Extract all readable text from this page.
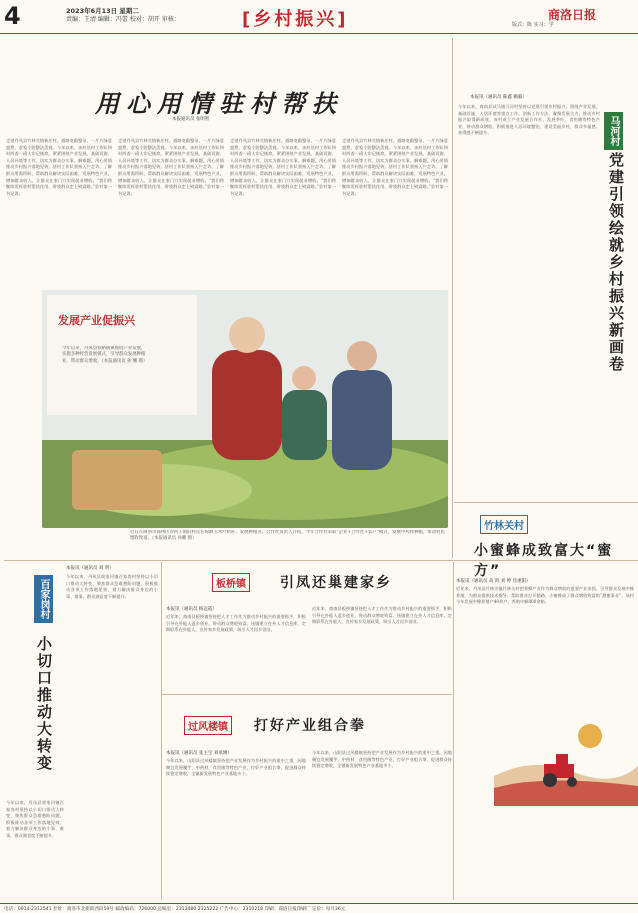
4	2023年6月13日 星期二
责编：王清 编辑：冯蕾 校对：胡开 审核：	[乡村振兴]	商洛日报
版式：陈 实习：学
用心用情驻村帮扶
本报通讯员 张明智
走进丹凤县竹林关镇新庄村，道路宽敞整洁，一片片绿意盎然，农家小院整洁美观。今年以来，该村驻村工作队和村两委一班人牢记使命，紧紧围绕产业发展、基础设施、人居环境等工作，切实为群众办实事、解难题，用心用情推动乡村振兴落地见效。驻村工作队坚持入户走访，了解群众所需所盼，帮助群众解决实际困难，发展特色产业，增加群众收入，让群众在家门口实现就业增收。“我们将继续发挥驻村帮扶作用，带领群众走上致富路。”驻村第一书记说。
走进丹凤县竹林关镇新庄村，道路宽敞整洁，一片片绿意盎然，农家小院整洁美观。今年以来，该村驻村工作队和村两委一班人牢记使命，紧紧围绕产业发展、基础设施、人居环境等工作，切实为群众办实事、解难题，用心用情推动乡村振兴落地见效。驻村工作队坚持入户走访，了解群众所需所盼，帮助群众解决实际困难，发展特色产业，增加群众收入，让群众在家门口实现就业增收。“我们将继续发挥驻村帮扶作用，带领群众走上致富路。”驻村第一书记说。
走进丹凤县竹林关镇新庄村，道路宽敞整洁，一片片绿意盎然，农家小院整洁美观。今年以来，该村驻村工作队和村两委一班人牢记使命，紧紧围绕产业发展、基础设施、人居环境等工作，切实为群众办实事、解难题，用心用情推动乡村振兴落地见效。驻村工作队坚持入户走访，了解群众所需所盼，帮助群众解决实际困难，发展特色产业，增加群众收入，让群众在家门口实现就业增收。“我们将继续发挥驻村帮扶作用，带领群众走上致富路。”驻村第一书记说。
走进丹凤县竹林关镇新庄村，道路宽敞整洁，一片片绿意盎然，农家小院整洁美观。今年以来，该村驻村工作队和村两委一班人牢记使命，紧紧围绕产业发展、基础设施、人居环境等工作，切实为群众办实事、解难题，用心用情推动乡村振兴落地见效。驻村工作队坚持入户走访，了解群众所需所盼，帮助群众解决实际困难，发展特色产业，增加群众收入，让群众在家门口实现就业增收。“我们将继续发挥驻村帮扶作用，带领群众走上致富路。”驻村第一书记说。
发展产业促振兴
今年以来，丹凤县铁峪铺镇围绕产业发展，实施多种经营发展模式，引导群众发展种植业，带动群众增收。（本报通讯员 孙 鹏 摄）
近日在商洛市商州区沙河子镇的村民在晾晒玉米叶秸秆、发展种植业。合作社负责人介绍，今年合作社采取“企业+合作社+农户”模式，发展中药材种植，带动村民增收致富。（本报通讯员 孙鹏 摄）
马河村
党建引领绘就乡村振兴新画卷
本报讯（通讯员 陈鑫 赖毅）
今年以来，商南县试马镇马河村坚持以党建引领乡村振兴，围绕产业发展、基础设施、人居环境等重点工作，创新工作方法，凝聚发展合力，推动乡村振兴取得新成效。该村成立产业发展合作社，发展茶叶、食用菌等特色产业，带动群众增收。积极推进人居环境整治，建设美丽乡村，群众幸福感、获得感不断提升。
竹林关村
小蜜蜂成致富大“蜜方”
本报讯（通讯员 高 鸿 刘 婷 焦重阳）
近年来，丹凤县竹林关镇竹林关村把养蜂产业作为群众增收的重要产业来抓，引导群众发展中蜂养殖，为群众提供技术指导，帮助群众打开销路，小蜜蜂成了群众增收致富的“甜蜜事业”。该村今年发展中蜂养殖户40余户，养殖中蜂800余箱。
百家岗村
小切口推动大转变
本报讯（通讯员 刘 明）
今年以来，丹凤县庾家河镇百家岗村坚持以小切口推动大转变，聚焦群众急难愁盼问题，积极推动各项工作落地见效，着力解决群众身边的小事、难事，群众满意度不断提升。
今年以来，丹凤县庾家河镇百家岗村坚持以小切口推动大转变，聚焦群众急难愁盼问题，积极推动各项工作落地见效，着力解决群众身边的小事、难事，群众满意度不断提升。
板桥镇 引凤还巢建家乡
本报讯（通讯员 杨远霞）
近年来，商南县板桥镇坚持把人才工作作为推动乡村振兴的重要抓手，积极引导在外能人返乡创业，带动群众增收致富。该镇建立在外人才信息库，定期联系在外能人，宣传家乡发展政策，吸引人才回乡创业。
近年来，商南县板桥镇坚持把人才工作作为推动乡村振兴的重要抓手，积极引导在外能人返乡创业，带动群众增收致富。该镇建立在外人才信息库，定期联系在外能人，宣传家乡发展政策，吸引人才回乡创业。
过风楼镇 打好产业组合拳
本报讯（通讯员 张主宝 刘承刚）
今年以来，山阳县过风楼镇坚持把产业发展作为乡村振兴的重中之重，因地制宜发展魔芋、中药材、食用菌等特色产业，打好产业组合拳，促进群众持续稳定增收，全镇新发展特色产业基地多个。
今年以来，山阳县过风楼镇坚持把产业发展作为乡村振兴的重中之重，因地制宜发展魔芋、中药材、食用菌等特色产业，打好产业组合拳，促进群众持续稳定增收，全镇新发展特色产业基地多个。
电话：0914-2312541 社址：商洛市北新街西段59号 邮政编码：726000 总编室：2313480 2325222 广告中心：2310218 印刷：商洛日报印刷厂 定价：每月36元
